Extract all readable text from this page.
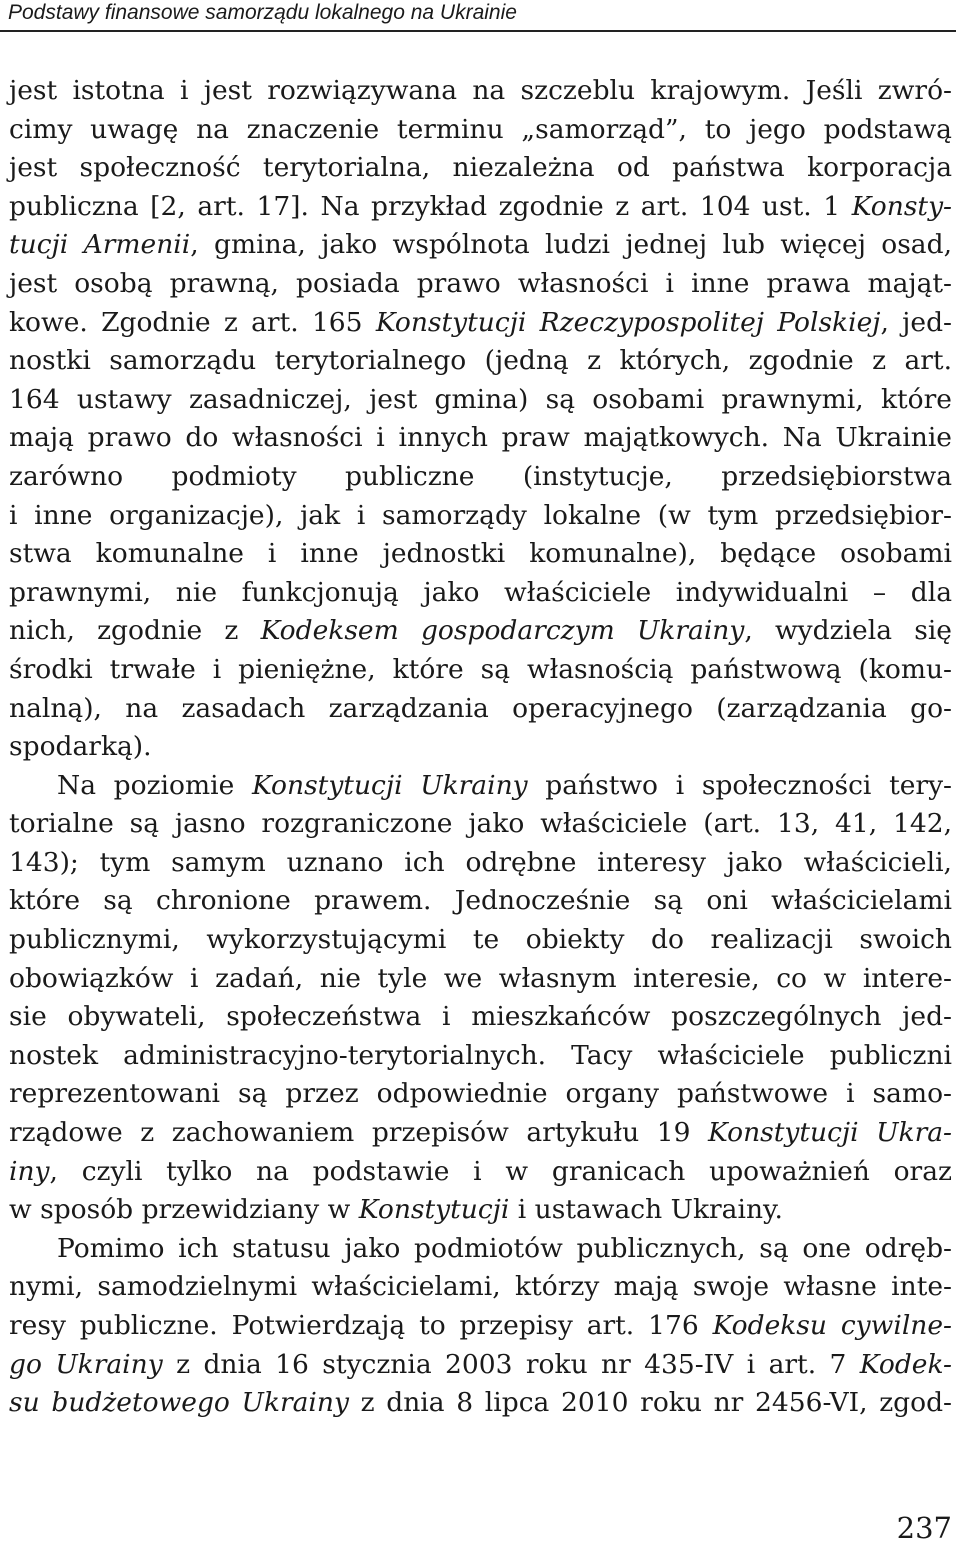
Podstawy finansowe samorządu lokalnego na Ukrainie
jest istotna i jest rozwiązywana na szczeblu krajowym. Jeśli zwró-
cimy uwagę na znaczenie terminu „samorząd”, to jego podstawą
jest społeczność terytorialna, niezależna od państwa korporacja
publiczna [2, art. 17]. Na przykład zgodnie z art. 104 ust. 1 Konsty-
tucji Armenii, gmina, jako wspólnota ludzi jednej lub więcej osad,
jest osobą prawną, posiada prawo własności i inne prawa mająt-
kowe. Zgodnie z art. 165 Konstytucji Rzeczypospolitej Polskiej, jed-
nostki samorządu terytorialnego (jedną z których, zgodnie z art.
164 ustawy zasadniczej, jest gmina) są osobami prawnymi, które
mają prawo do własności i innych praw majątkowych. Na Ukrainie
zarówno podmioty publiczne (instytucje, przedsiębiorstwa
i inne organizacje), jak i samorządy lokalne (w tym przedsiębior-
stwa komunalne i inne jednostki komunalne), będące osobami
prawnymi, nie funkcjonują jako właściciele indywidualni – dla
nich, zgodnie z Kodeksem gospodarczym Ukrainy, wydziela się
środki trwałe i pieniężne, które są własnością państwową (komu-
nalną), na zasadach zarządzania operacyjnego (zarządzania go-
spodarką).
Na poziomie Konstytucji Ukrainy państwo i społeczności tery-
torialne są jasno rozgraniczone jako właściciele (art. 13, 41, 142,
143); tym samym uznano ich odrębne interesy jako właścicieli,
które są chronione prawem. Jednocześnie są oni właścicielami
publicznymi, wykorzystującymi te obiekty do realizacji swoich
obowiązków i zadań, nie tyle we własnym interesie, co w intere-
sie obywateli, społeczeństwa i mieszkańców poszczególnych jed-
nostek administracyjno-terytorialnych. Tacy właściciele publiczni
reprezentowani są przez odpowiednie organy państwowe i samo-
rządowe z zachowaniem przepisów artykułu 19 Konstytucji Ukra-
iny, czyli tylko na podstawie i w granicach upoważnień oraz
w sposób przewidziany w Konstytucji i ustawach Ukrainy.
Pomimo ich statusu jako podmiotów publicznych, są one odręb-
nymi, samodzielnymi właścicielami, którzy mają swoje własne inte-
resy publiczne. Potwierdzają to przepisy art. 176 Kodeksu cywilne-
go Ukrainy z dnia 16 stycznia 2003 roku nr 435-IV i art. 7 Kodek-
su budżetowego Ukrainy z dnia 8 lipca 2010 roku nr 2456-VI, zgod-
237
